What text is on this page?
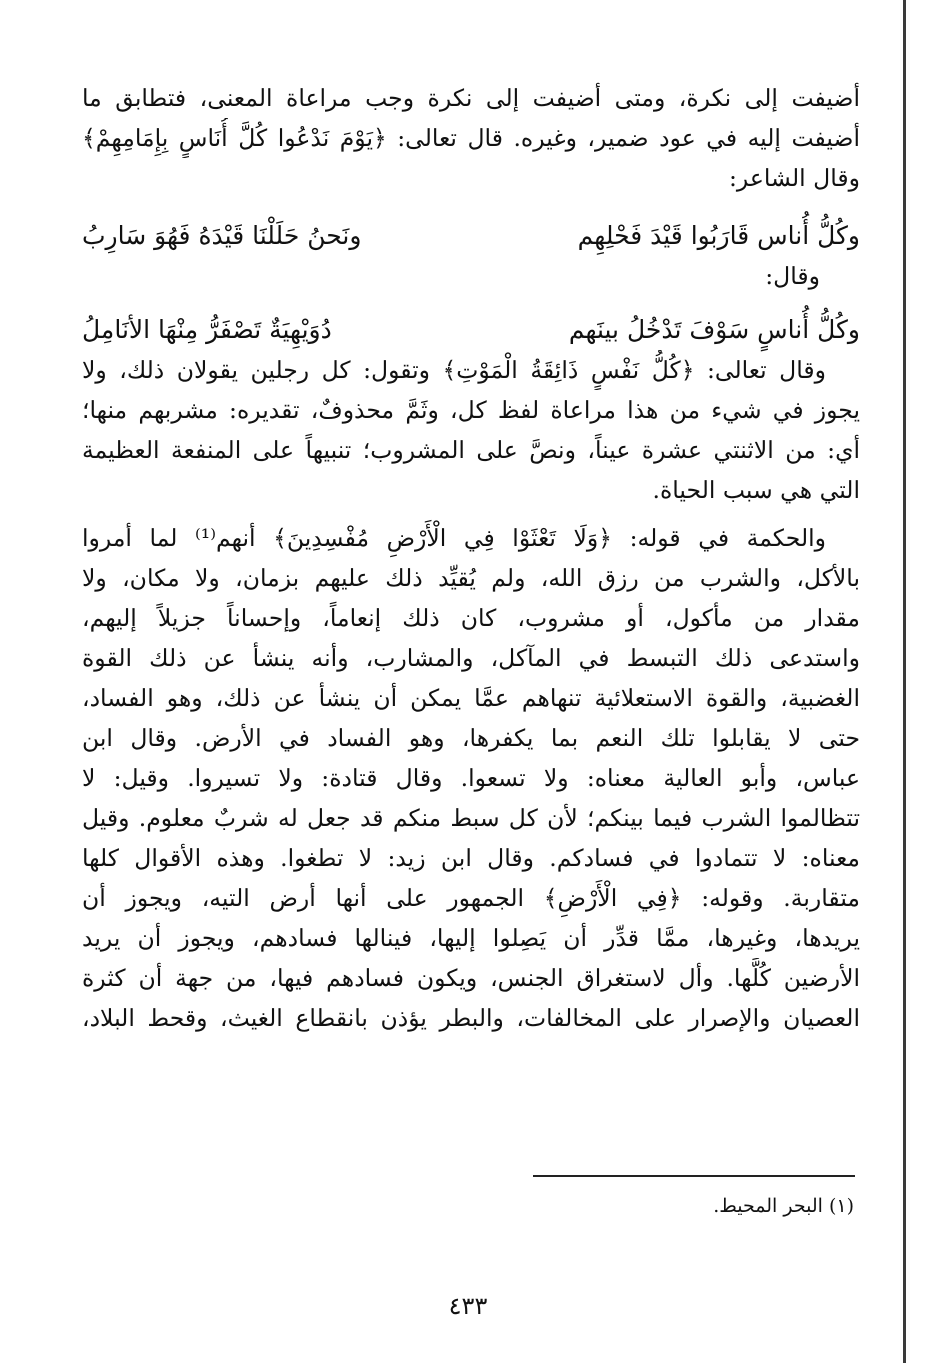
أضيفت إلى نكرة، ومتى أضيفت إلى نكرة وجب مراعاة المعنى، فتطابق ما
أضيفت إليه في عود ضمير، وغيره. قال تعالى: ﴿يَوْمَ نَدْعُوا كُلَّ أُنَاسٍ بِإِمَامِهِمْ﴾
وقال الشاعر:
وكُلُّ أُناس قَارَبُوا قَيْدَ فَحْلِهِم
ونَحنُ حَلَلْنَا قَيْدَهُ فَهُوَ سَارِبُ
وقال:
وكُلُّ أُناسٍ سَوْفَ تَدْخُلُ بينَهم
دُوَيْهِيَةٌ تَصْفَرُّ مِنْهَا الأنَامِلُ
وقال تعالى: ﴿كُلُّ نَفْسٍ ذَائِقَةُ الْمَوْتِ﴾ وتقول: كل رجلين يقولان ذلك، ولا
يجوز في شيء من هذا مراعاة لفظ كل، وثَمَّ محذوفٌ، تقديره: مشربهم منها؛
أي: من الاثنتي عشرة عيناً، ونصَّ على المشروب؛ تنبيهاً على المنفعة العظيمة
التي هي سبب الحياة.
والحكمة في قوله: ﴿وَلَا تَعْثَوْا فِي الْأَرْضِ مُفْسِدِينَ﴾ أنهم⁽¹⁾ لما أمروا
بالأكل، والشرب من رزق الله، ولم يُقيِّد ذلك عليهم بزمان، ولا مكان، ولا
مقدار من مأكول، أو مشروب، كان ذلك إنعاماً، وإحساناً جزيلاً إليهم،
واستدعى ذلك التبسط في المآكل، والمشارب، وأنه ينشأ عن ذلك القوة
الغضبية، والقوة الاستعلائية تنهاهم عمَّا يمكن أن ينشأ عن ذلك، وهو الفساد،
حتى لا يقابلوا تلك النعم بما يكفرها، وهو الفساد في الأرض. وقال ابن
عباس، وأبو العالية معناه: ولا تسعوا. وقال قتادة: ولا تسيروا. وقيل: لا
تتظالموا الشرب فيما بينكم؛ لأن كل سبط منكم قد جعل له شربٌ معلوم. وقيل
معناه: لا تتمادوا في فسادكم. وقال ابن زيد: لا تطغوا. وهذه الأقوال كلها
متقاربة. وقوله: ﴿فِي الْأَرْضِ﴾ الجمهور على أنها أرض التيه، ويجوز أن
يريدها، وغيرها، ممَّا قدِّر أن يَصِلوا إليها، فينالها فسادهم، ويجوز أن يريد
الأرضين كُلَّها. وأل لاستغراق الجنس، ويكون فسادهم فيها، من جهة أن كثرة
العصيان والإصرار على المخالفات، والبطر يؤذن بانقطاع الغيث، وقحط البلاد،
(١) البحر المحيط.
٤٣٣
